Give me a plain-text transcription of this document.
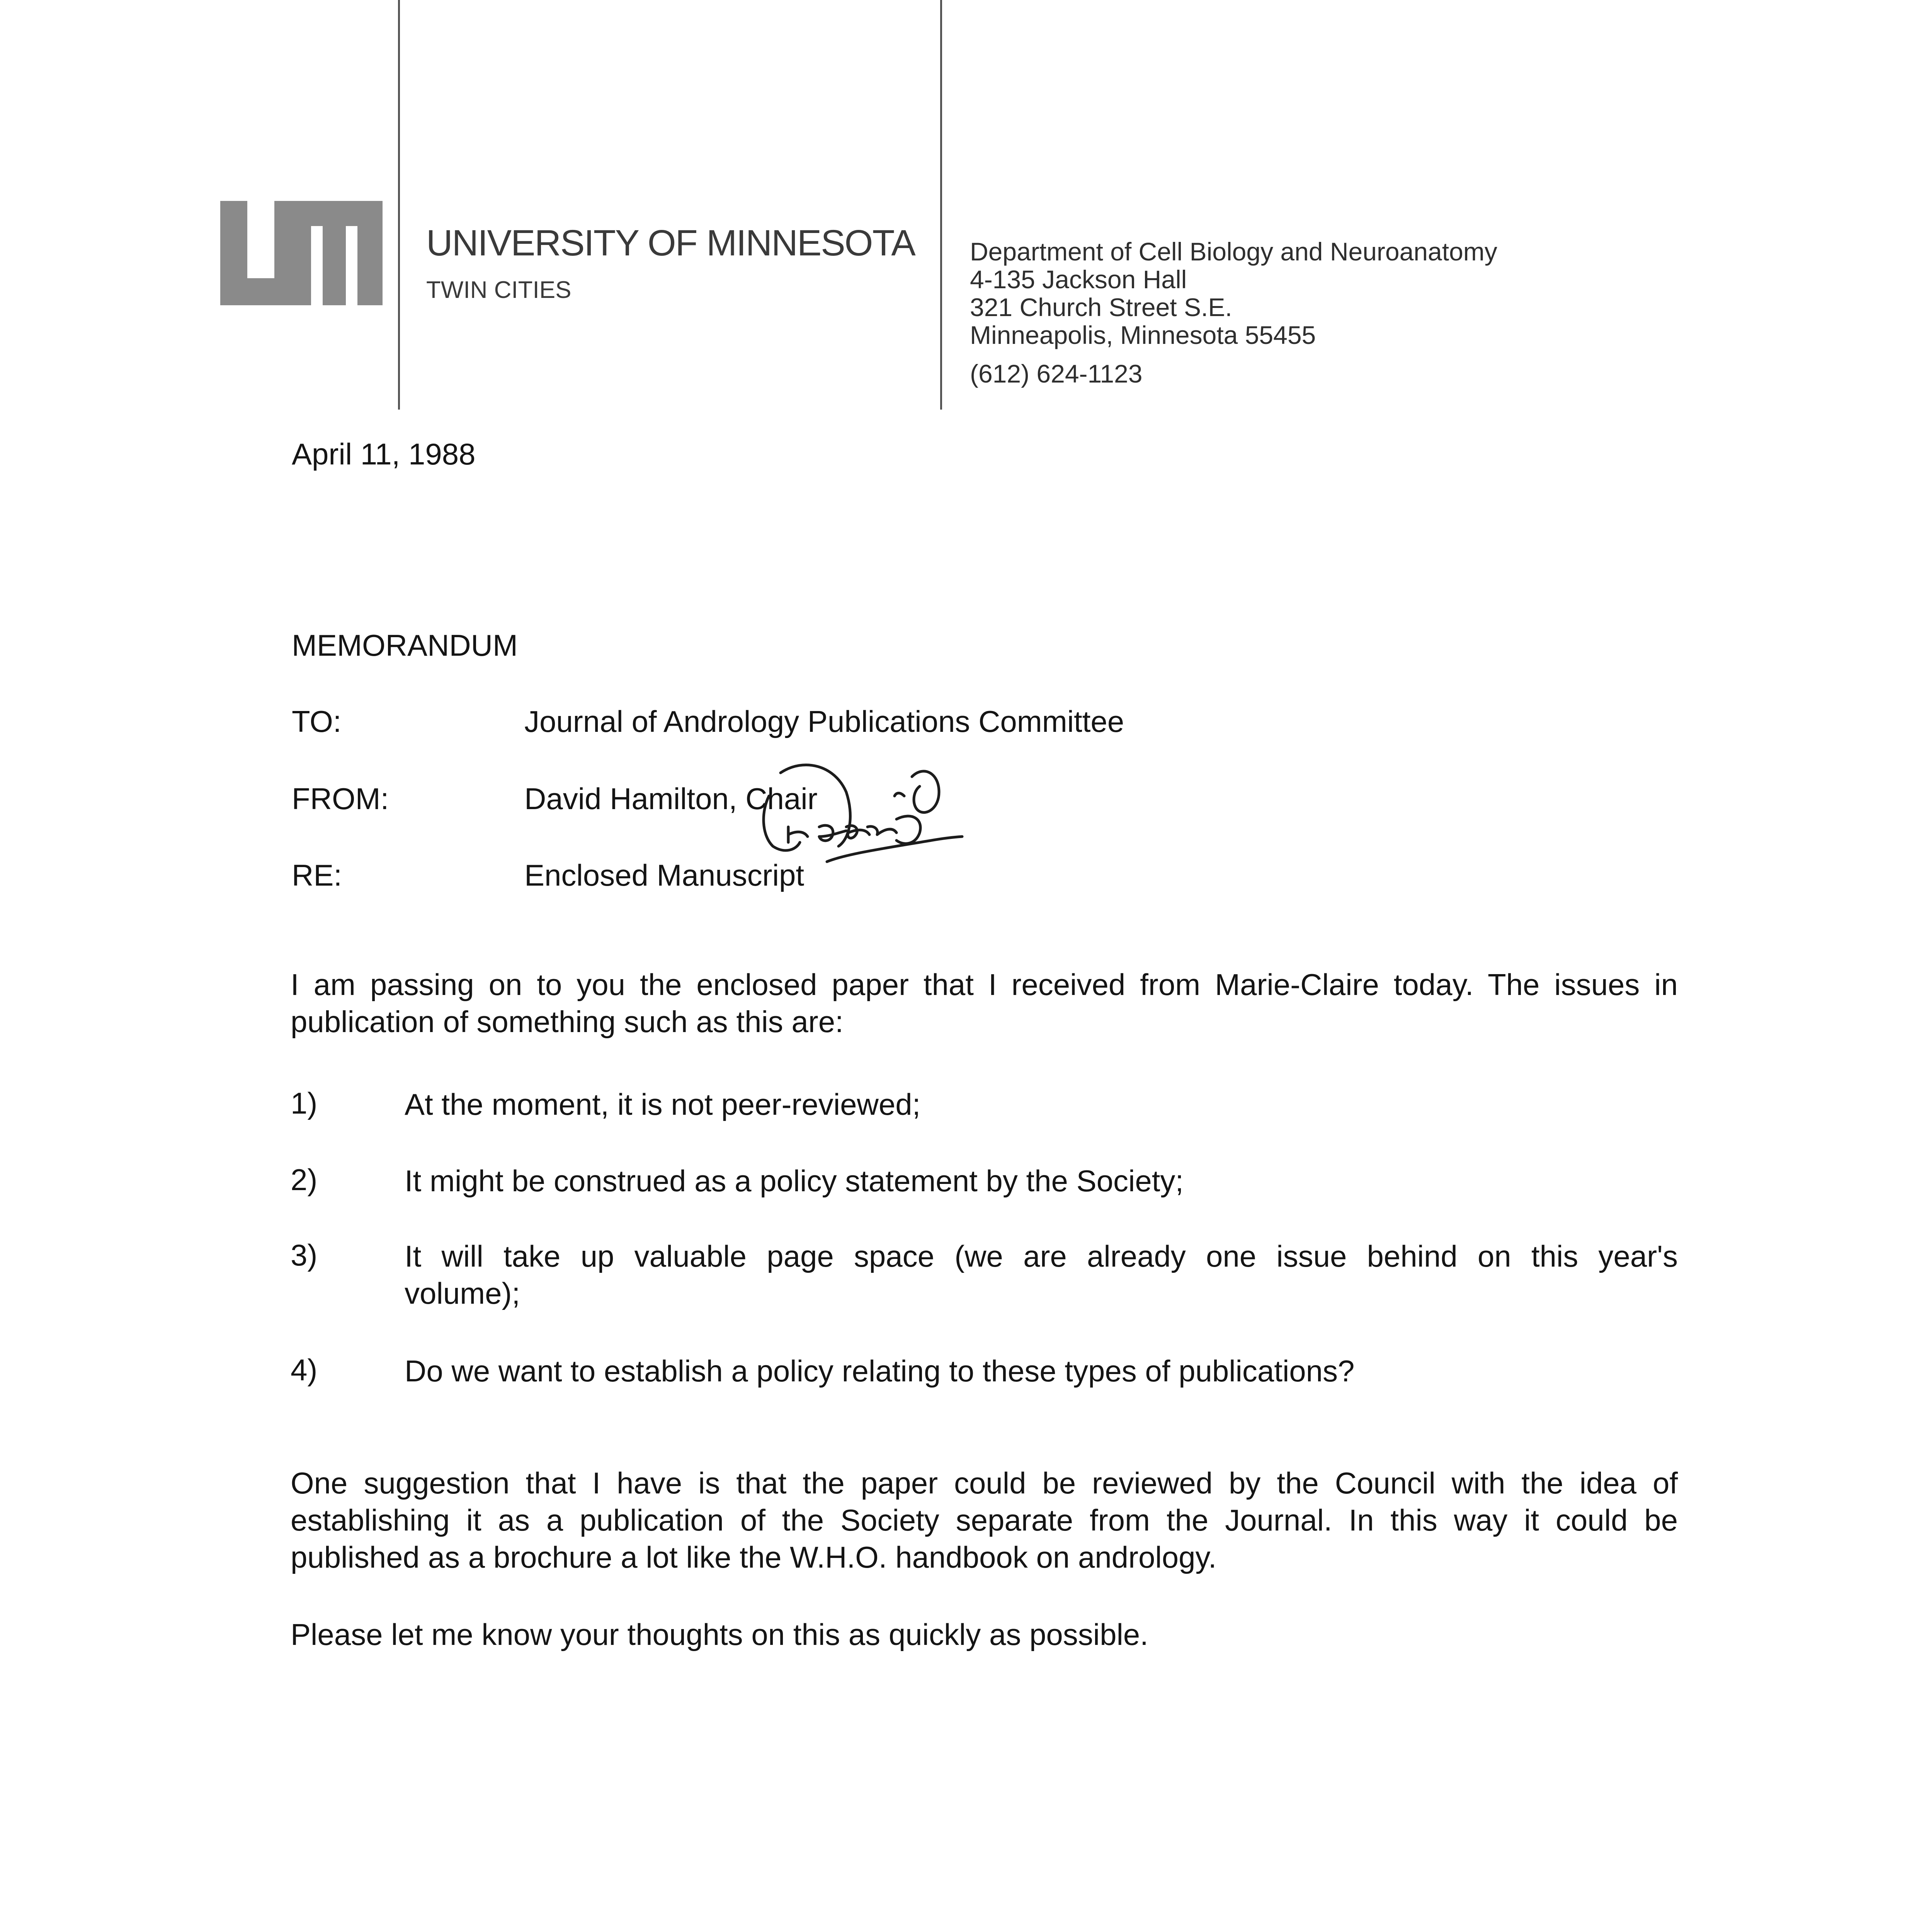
UNIVERSITY OF MINNESOTA
TWIN CITIES
Department of Cell Biology and Neuroanatomy
4-135 Jackson Hall
321 Church Street S.E.
Minneapolis, Minnesota 55455
(612) 624-1123
April 11, 1988
MEMORANDUM
TO:	Journal of Andrology Publications Committee
FROM:	David Hamilton, Chair
RE:	Enclosed Manuscript
I am passing on to you the enclosed paper that I received from Marie-Claire today. The issues in
publication of something such as this are:
1)	At the moment, it is not peer-reviewed;
2)	It might be construed as a policy statement by the Society;
3)	It will take up valuable page space (we are already one issue behind on this year's
volume);
4)	Do we want to establish a policy relating to these types of publications?
One suggestion that I have is that the paper could be reviewed by the Council with the idea of
establishing it as a publication of the Society separate from the Journal. In this way it could be
published as a brochure a lot like the W.H.O. handbook on andrology.
Please let me know your thoughts on this as quickly as possible.
